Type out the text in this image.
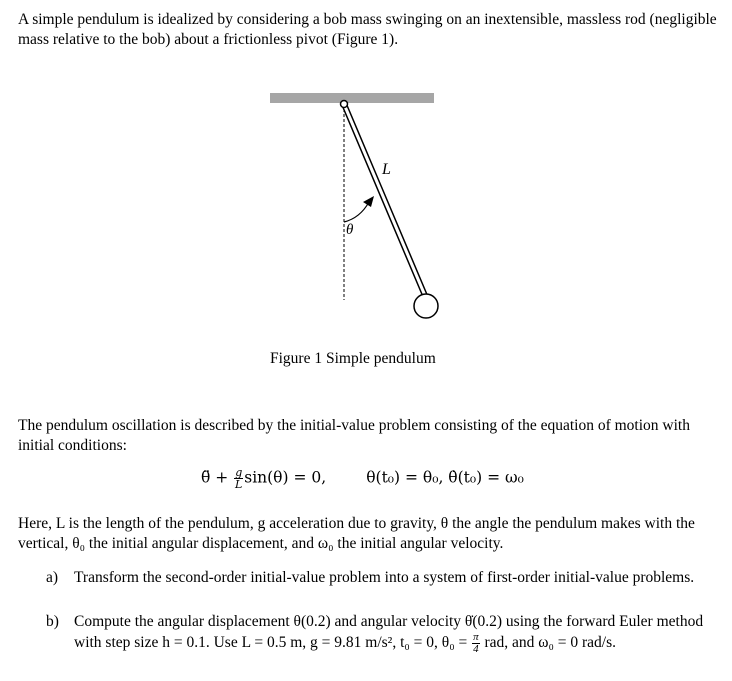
A simple pendulum is idealized by considering a bob mass swinging on an inextensible, massless rod (negligible mass relative to the bob) about a frictionless pivot (Figure 1).
L
θ
Figure 1 Simple pendulum
The pendulum oscillation is described by the initial-value problem consisting of the equation of motion with initial conditions:
θ̈ + $\frac{g}{L} \sin(\theta) = 0$,	θ(t₀) = θ₀, θ̇(t₀) = ω₀
Here, L is the length of the pendulum, g acceleration due to gravity, θ the angle the pendulum makes with the vertical, θ₀ the initial angular displacement, and ω₀ the initial angular velocity.
a) Transform the second-order initial-value problem into a system of first-order initial-value problems.
b) Compute the angular displacement θ(0.2) and angular velocity θ̇(0.2) using the forward Euler method with step size h = 0.1. Use L = 0.5 m, g = 9.81 m/s², t₀ = 0, $\theta_0 = \frac{\pi}{4}$ rad, and ω₀ = 0 rad/s.
